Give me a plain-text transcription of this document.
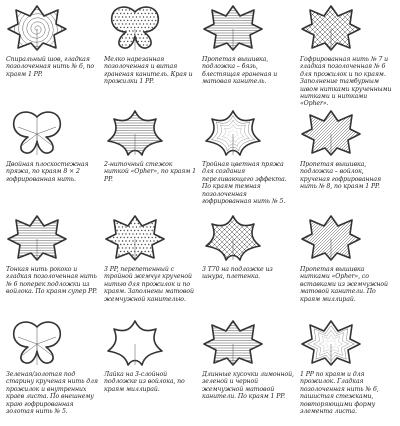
Спиральный шов, гладкая позолоченная нить № 6, по краям 1 PP.
Мелко нарезанная позолоченная и витая граненая канитель. Края и прожилки 1 PP.
Пропетая вышивка, подложка – бязь, блестящая граненая и матовая канитель.
Гофрированная нить № 7 и гладкая позолоченная № 6 для прожилок и по краям. Заполнение тамбурным швом нитками крученными нитками и нитками «Opher».
Двойная плоскостежная пряжа, по краям 8 × 2 гофрированная нить.
2-ниточный стежок ниткой «Opher», по краям 1 PP.
Тройная цветная пряжа для создания переливающего эффекта. По краям темная позолоченная гофрированная нить № 5.
Пропетая вышивка, подложка – войлок, крученая гофрированная нить № 8, по краям 1 PP.
Тонкая нить рококо и гладкая позолоченная нить № 6 поперек подложки из войлока. По краям супер PP.
3 PP, перепетенный с тройной жемчуг крученой нитью для прожилок и по краям. Заполнены матовой жемчужной канителью.
3 Т70 на подложке из шнура, плетенка.
Пропетая вышивка нитками «Opher», со вставками из жемчужной матовой канители. По краям миллирай.
Зеленая/золотая под старину крученая нить для прожилок и внутренних краев листа. По внешнему краю гофрированная золотая нить № 5.
Лайка на 3-слойной подложке из войлока, по краям миллирай.
Длинные кусочки лимонной, зеленой и черной жемчужной матовой канители. По краям 1 PP.
1 PP по краям и для прожилок. Гладкая позолоченная нить № 6, пашистая стежками, повторяющими форму элемента листа.
